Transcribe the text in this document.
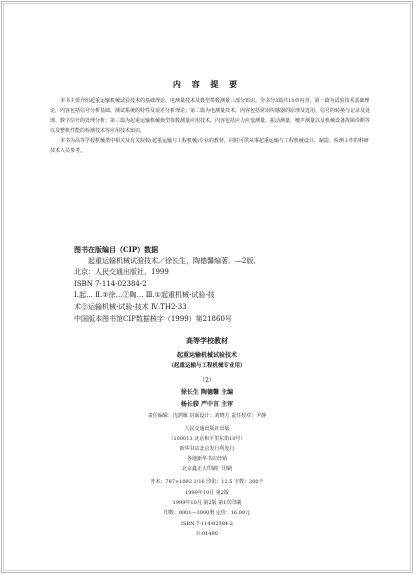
内 容 提 要

本书主要介绍起重运输机械试验技术的基础理论、电测量技术及典型参数测量三部分知识。全书分3篇共10章内容。第一篇为试验技术基础理论，内容包括信号分析基础、测试系统的特性及误差分析理论；第二篇为电测量技术，内容包括常用传感器的原理及选用、信号的转换与记录及处理、数字信号的处理分析；第三篇为起重运输机械典型参数测量应用技术，内容包括应力应变测量、振动测量、噪声测量以及机械设备故障诊断等以及整机性能的检测技术等应用技术知识。

本书为高等学校机械类中相关及有关院校(起重运输与工程机械)专业的教材，同时可供从事起重运输与工程机械设计、制造、检测工作的科研技术人员参考。

图书在版编目（CIP）数据
起重运输机械试验技术／徐长生，陶德馨编著．—2版．
北京：人民交通出版社，1999
ISBN 7-114-02384-2
Ⅰ.起… Ⅱ.①徐…②陶… Ⅲ.①起重机械-试验-技
术②运输机械-试验-技术 Ⅳ.TH2-33
中国版本图书馆CIP数据核字（1999）第21860号
高等学校教材
起重运输机械试验技术
（起重运输与工程机械专业用）
（2）
徐长生 陶德馨 主编
杨长骙 严中言 主审
责任编辑：沈鸿雁 封面设计：刘晓方 责任校对：尹静
人民交通出版社出版
（100013 北京和平里东街10号）
新华书店北京发行所发行
各地新华书店经销
北京鑫正大印刷厂印刷
开本：787×1092 1/16 印张：12.5 字数：300千
1999年10月 第2版
1999年10月 第2版 第1次印刷
印数：0001—3000册 定价：16.00元
ISBN 7-114-02384-2
U·01490
